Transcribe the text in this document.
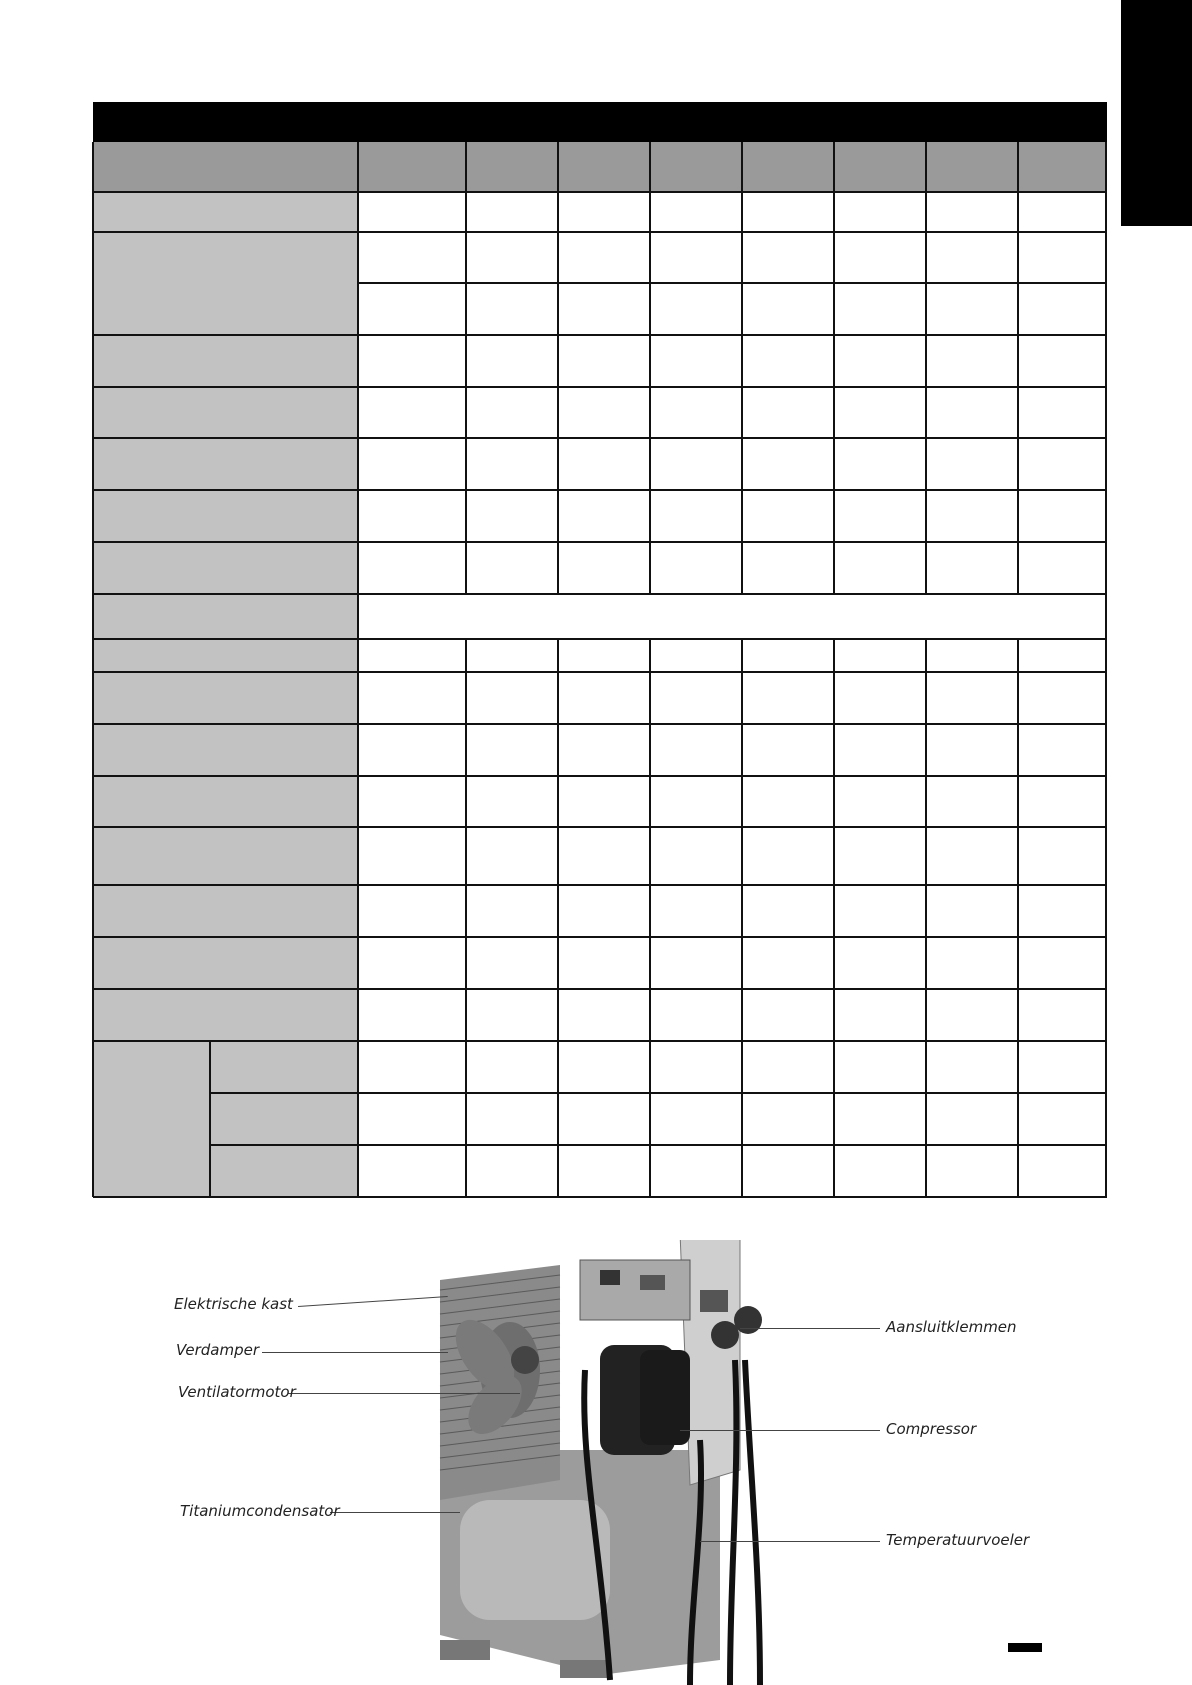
Elektrische kast
Verdamper
Ventilatormotor
Titaniumcondensator
Aansluitklemmen
Compressor
Temperatuurvoeler
